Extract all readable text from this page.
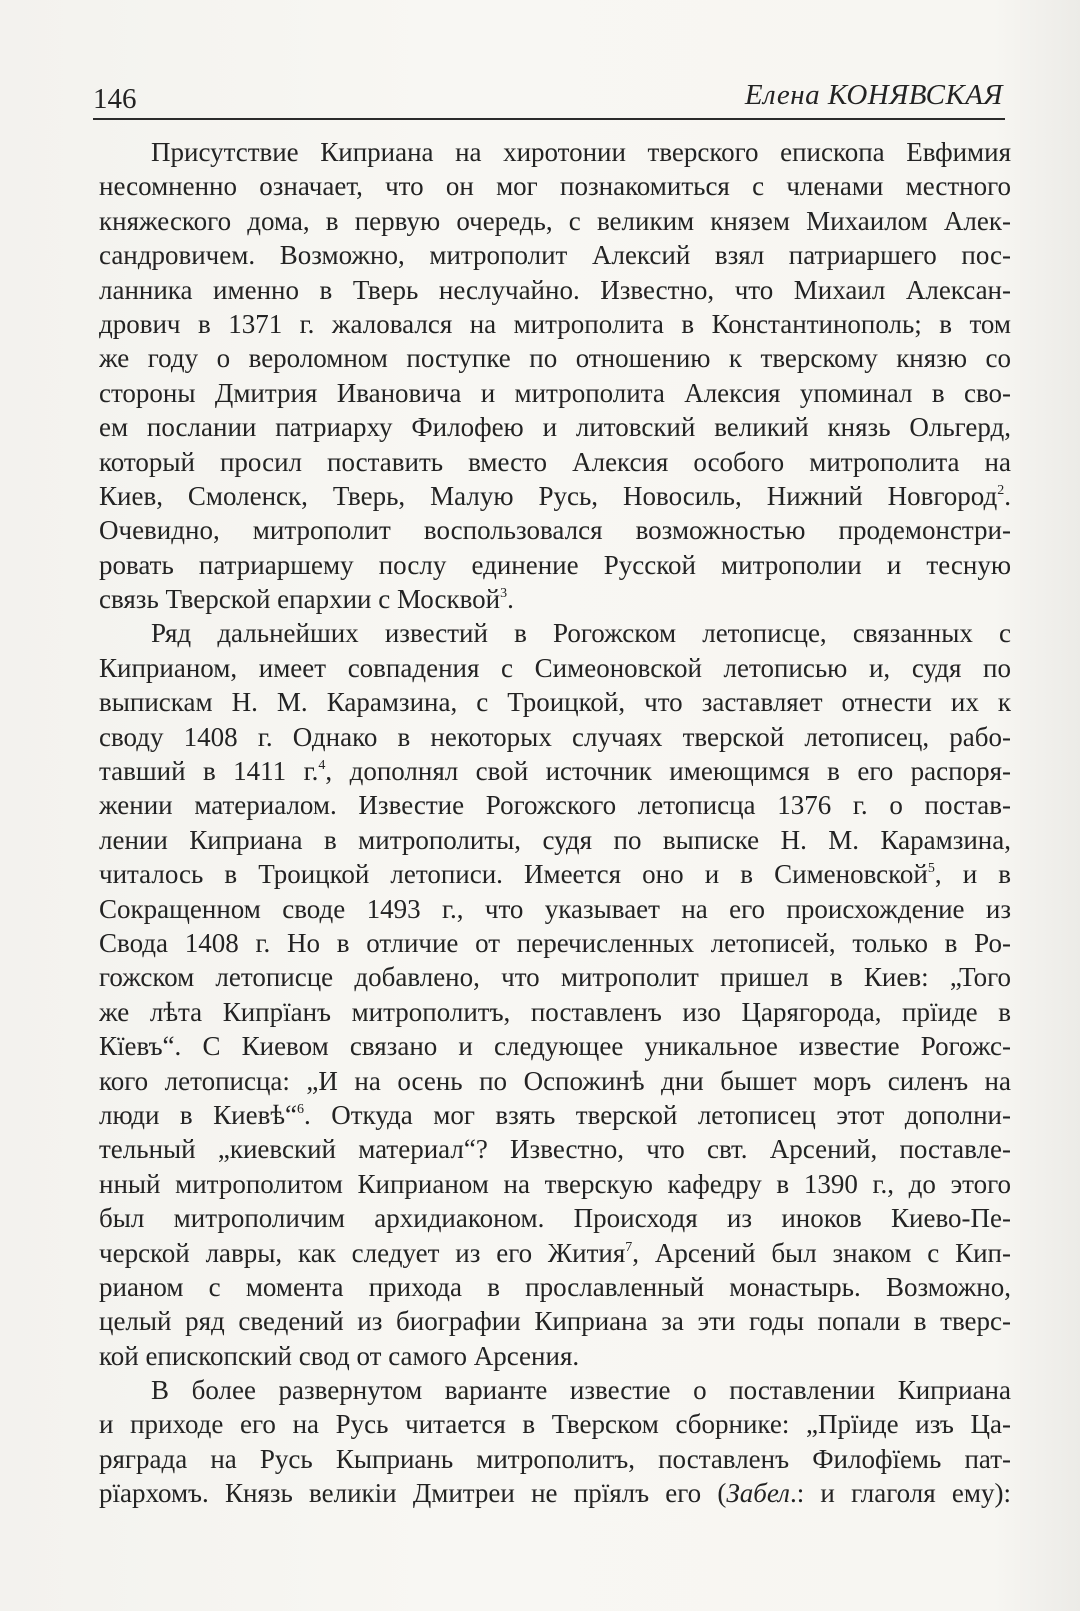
146	Елена КОНЯВСКАЯ
Присутствие Киприана на хиротонии тверского епископа Евфимия
несомненно означает, что он мог познакомиться с членами местного
княжеского дома, в первую очередь, с великим князем Михаилом Алек-
сандровичем. Возможно, митрополит Алексий взял патриаршего пос-
ланника именно в Тверь неслучайно. Известно, что Михаил Алексан-
дрович в 1371 г. жаловался на митрополита в Константинополь; в том
же году о вероломном поступке по отношению к тверскому князю со
стороны Дмитрия Ивановича и митрополита Алексия упоминал в сво-
ем послании патриарху Филофею и литовский великий князь Ольгерд,
который просил поставить вместо Алексия особого митрополита на
Киев, Смоленск, Тверь, Малую Русь, Новосиль, Нижний Новгород$^2$.
Очевидно, митрополит воспользовался возможностью продемонстри-
ровать патриаршему послу единение Русской митрополии и тесную
связь Тверской епархии с Москвой$^3$.
Ряд дальнейших известий в Рогожском летописце, связанных с
Киприаном, имеет совпадения с Симеоновской летописью и, судя по
выпискам Н. М. Карамзина, с Троицкой, что заставляет отнести их к
своду 1408 г. Однако в некоторых случаях тверской летописец, рабо-
тавший в 1411 г.$^4$, дополнял свой источник имеющимся в его распоря-
жении материалом. Известие Рогожского летописца 1376 г. о постав-
лении Киприана в митрополиты, судя по выписке Н. М. Карамзина,
читалось в Троицкой летописи. Имеется оно и в Сименовской$^5$, и в
Сокращенном своде 1493 г., что указывает на его происхождение из
Свода 1408 г. Но в отличие от перечисленных летописей, только в Ро-
гожском летописце добавлено, что митрополит пришел в Киев: „Того
же лѣта Кипрїанъ митрополитъ, поставленъ изо Царягорода, прїиде в
Кїевъ“. С Киевом связано и следующее уникальное известие Рогожс-
кого летописца: „И на осень по Оспожинѣ дни бышет моръ силенъ на
люди в Киевѣ“$^6$. Откуда мог взять тверской летописец этот дополни-
тельный „киевский материал“? Известно, что свт. Арсений, поставле-
нный митрополитом Киприаном на тверскую кафедру в 1390 г., до этого
был митрополичим архидиаконом. Происходя из иноков Киево-Пе-
черской лавры, как следует из его Жития$^7$, Арсений был знаком с Кип-
рианом с момента прихода в прославленный монастырь. Возможно,
целый ряд сведений из биографии Киприана за эти годы попали в тверс-
кой епископский свод от самого Арсения.
В более развернутом варианте известие о поставлении Киприана
и приходе его на Русь читается в Тверском сборнике: „Прїиде изъ Ца-
рягрaда на Русь Кыприань митрополитъ, поставленъ Филофїемь пат-
рїархомъ. Князь великіи Дмитреи не прїялъ его (Забел.: и глаголя ему):
